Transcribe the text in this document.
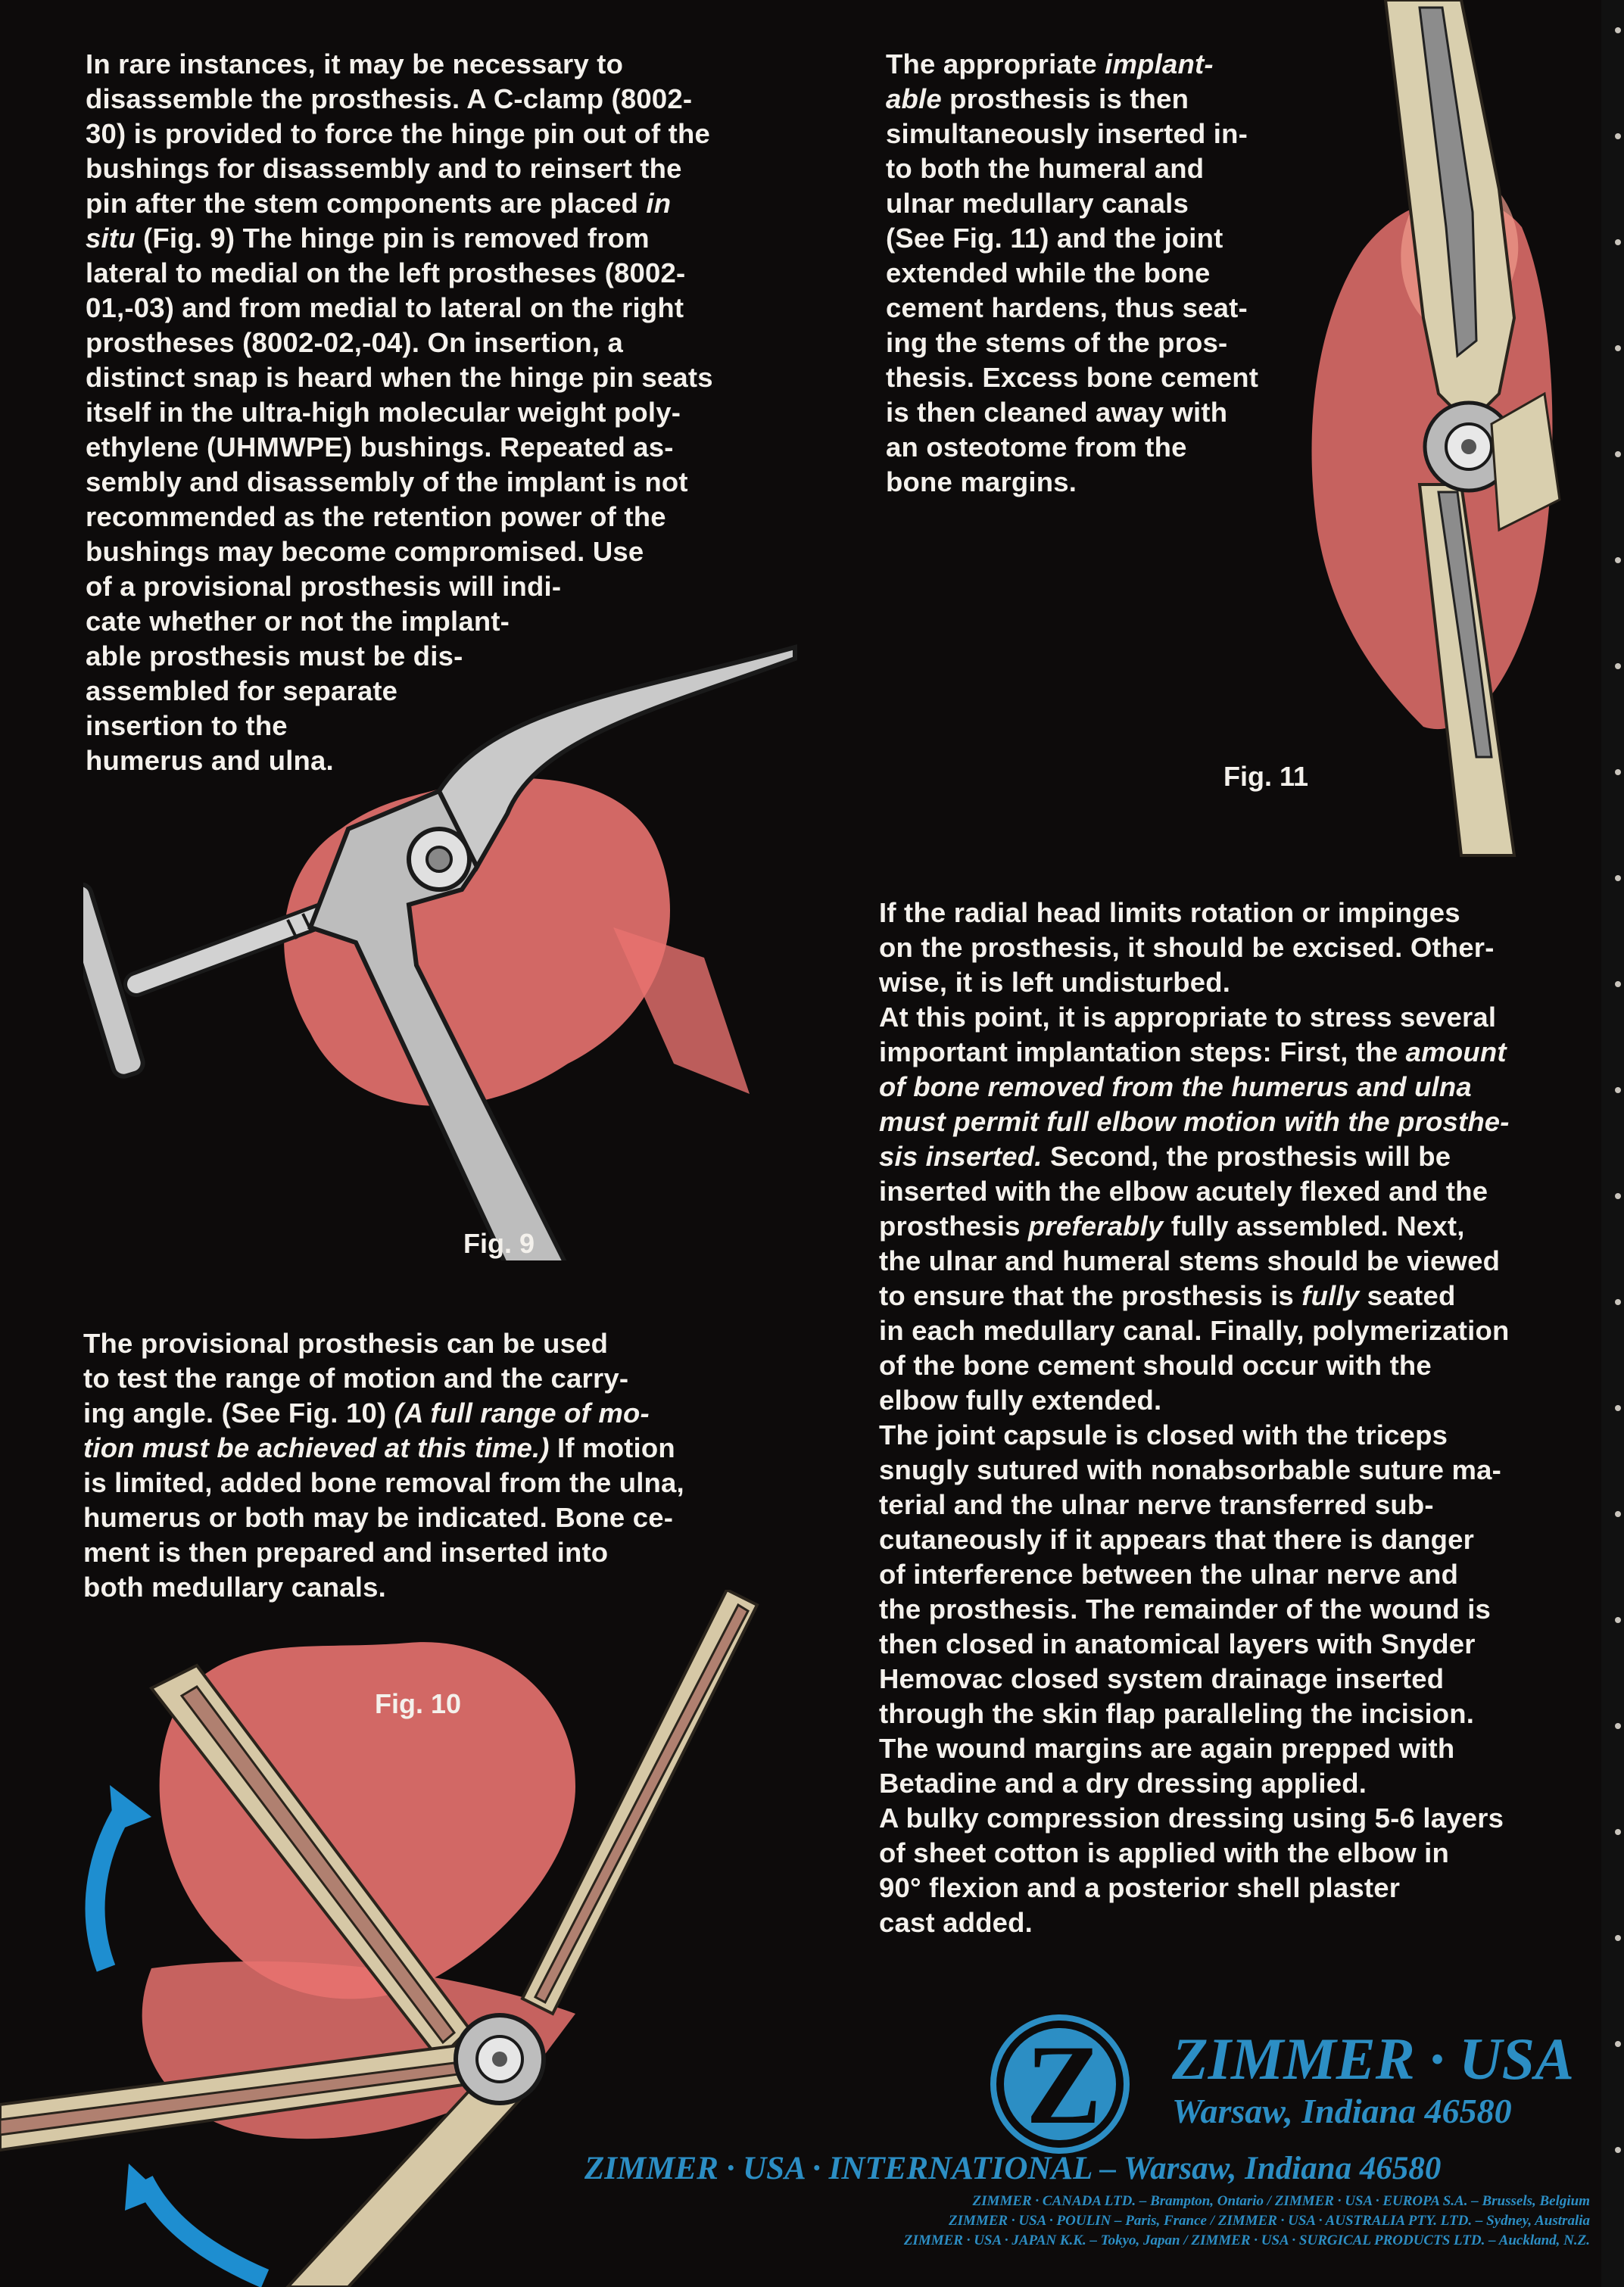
Fig. 11
Fig. 9
Fig. 10

In rare instances, it may be necessary to

disassemble the prosthesis. A C-clamp (8002-

30) is provided to force the hinge pin out of the

bushings for disassembly and to reinsert the

pin after the stem components are placed in

situ (Fig. 9) The hinge pin is removed from

lateral to medial on the left prostheses (8002-

01,-03) and from medial to lateral on the right

prostheses (8002-02,-04). On insertion, a

distinct snap is heard when the hinge pin seats

itself in the ultra-high molecular weight poly-

ethylene (UHMWPE) bushings. Repeated as-

sembly and disassembly of the implant is not

recommended as the retention power of the

bushings may become compromised. Use

of a provisional prosthesis will indi-

cate whether or not the implant-

able prosthesis must be dis-

assembled for separate

insertion to the

humerus and ulna.

The appropriate implant-

able prosthesis is then

simultaneously inserted in-

to both the humeral and

ulnar medullary canals

(See Fig. 11) and the joint

extended while the bone

cement hardens, thus seat-

ing the stems of the pros-

thesis. Excess bone cement

is then cleaned away with

an osteotome from the

bone margins.

The provisional prosthesis can be used

to test the range of motion and the carry-

ing angle. (See Fig. 10) (A full range of mo-

tion must be achieved at this time.) If motion

is limited, added bone removal from the ulna,

humerus or both may be indicated. Bone ce-

ment is then prepared and inserted into

both medullary canals.

If the radial head limits rotation or impinges

on the prosthesis, it should be excised. Other-

wise, it is left undisturbed.

At this point, it is appropriate to stress several

important implantation steps: First, the amount

of bone removed from the humerus and ulna

must permit full elbow motion with the prosthe-

sis inserted. Second, the prosthesis will be

inserted with the elbow acutely flexed and the

prosthesis preferably fully assembled. Next,

the ulnar and humeral stems should be viewed

to ensure that the prosthesis is fully seated

in each medullary canal. Finally, polymerization

of the bone cement should occur with the

elbow fully extended.

The joint capsule is closed with the triceps

snugly sutured with nonabsorbable suture ma-

terial and the ulnar nerve transferred sub-

cutaneously if it appears that there is danger

of interference between the ulnar nerve and

the prosthesis. The remainder of the wound is

then closed in anatomical layers with Snyder

Hemovac closed system drainage inserted

through the skin flap paralleling the incision.

The wound margins are again prepped with

Betadine and a dry dressing applied.

A bulky compression dressing using 5-6 layers

of sheet cotton is applied with the elbow in

90° flexion and a posterior shell plaster

cast added.

Z ZIMMER · USA
Warsaw, Indiana 46580
ZIMMER · USA · INTERNATIONAL – Warsaw, Indiana 46580
ZIMMER · CANADA LTD. – Brampton, Ontario / ZIMMER · USA · EUROPA S.A. – Brussels, Belgium
ZIMMER · USA · POULIN – Paris, France / ZIMMER · USA · AUSTRALIA PTY. LTD. – Sydney, Australia
ZIMMER · USA · JAPAN K.K. – Tokyo, Japan / ZIMMER · USA · SURGICAL PRODUCTS LTD. – Auckland, N.Z.
